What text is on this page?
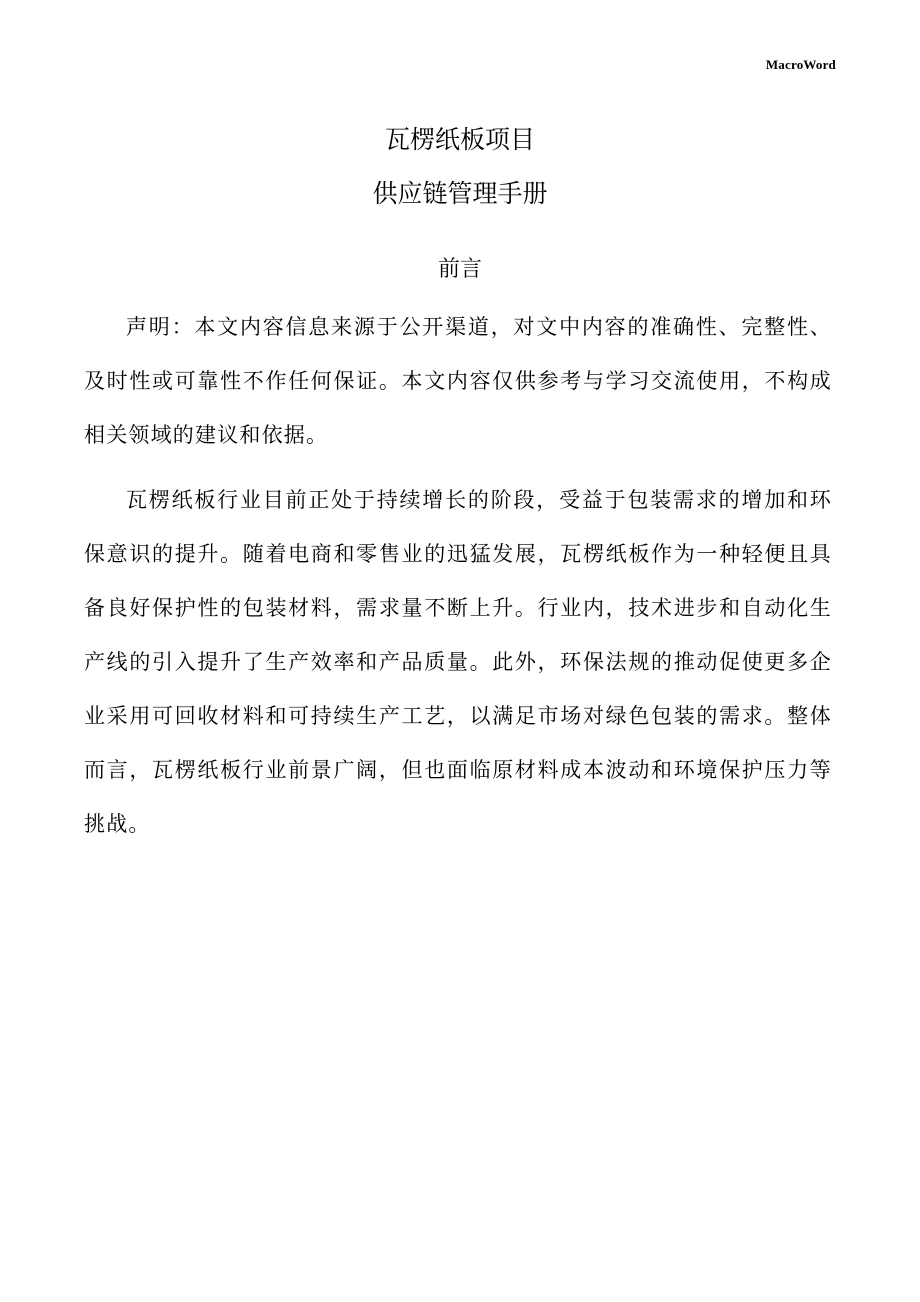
MacroWord
瓦楞纸板项目
供应链管理手册
前言

声明：本文内容信息来源于公开渠道，对文中内容的准确性、完整性、及时性或可靠性不作任何保证。本文内容仅供参考与学习交流使用，不构成相关领域的建议和依据。

瓦楞纸板行业目前正处于持续增长的阶段，受益于包装需求的增加和环保意识的提升。随着电商和零售业的迅猛发展，瓦楞纸板作为一种轻便且具备良好保护性的包装材料，需求量不断上升。行业内，技术进步和自动化生产线的引入提升了生产效率和产品质量。此外，环保法规的推动促使更多企业采用可回收材料和可持续生产工艺，以满足市场对绿色包装的需求。整体而言，瓦楞纸板行业前景广阔，但也面临原材料成本波动和环境保护压力等挑战。
